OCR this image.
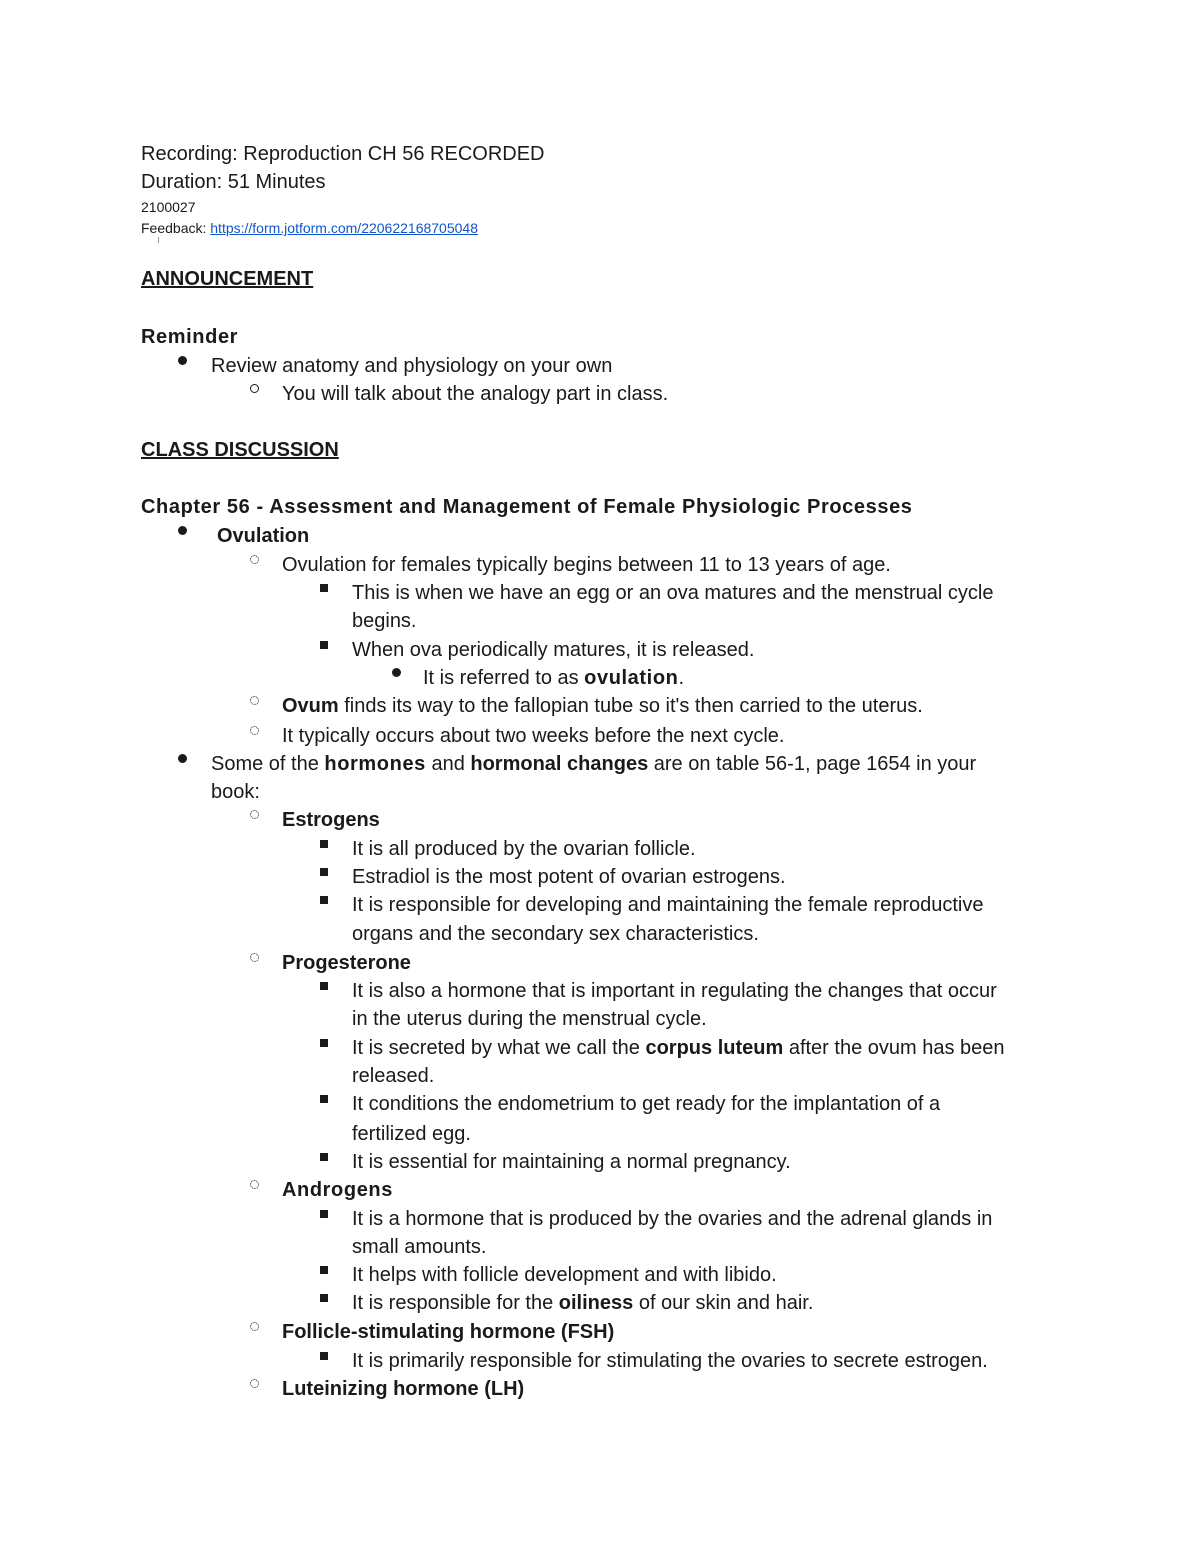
Recording: Reproduction CH 56 RECORDED
Duration: 51 Minutes
2100027
Feedback: https://form.jotform.com/220622168705048
ANNOUNCEMENT
Reminder
Review anatomy and physiology on your own
You will talk about the analogy part in class.
CLASS DISCUSSION
Chapter 56 - Assessment and Management of Female Physiologic Processes
Ovulation
Ovulation for females typically begins between 11 to 13 years of age.
This is when we have an egg or an ova matures and the menstrual cycle
begins.
When ova periodically matures, it is released.
It is referred to as ovulation.
Ovum finds its way to the fallopian tube so it's then carried to the uterus.
It typically occurs about two weeks before the next cycle.
Some of the hormones and hormonal changes are on table 56-1, page 1654 in your
book:
Estrogens
It is all produced by the ovarian follicle.
Estradiol is the most potent of ovarian estrogens.
It is responsible for developing and maintaining the female reproductive
organs and the secondary sex characteristics.
Progesterone
It is also a hormone that is important in regulating the changes that occur
in the uterus during the menstrual cycle.
It is secreted by what we call the corpus luteum after the ovum has been
released.
It conditions the endometrium to get ready for the implantation of a
fertilized egg.
It is essential for maintaining a normal pregnancy.
Androgens
It is a hormone that is produced by the ovaries and the adrenal glands in
small amounts.
It helps with follicle development and with libido.
It is responsible for the oiliness of our skin and hair.
Follicle-stimulating hormone (FSH)
It is primarily responsible for stimulating the ovaries to secrete estrogen.
Luteinizing hormone (LH)
